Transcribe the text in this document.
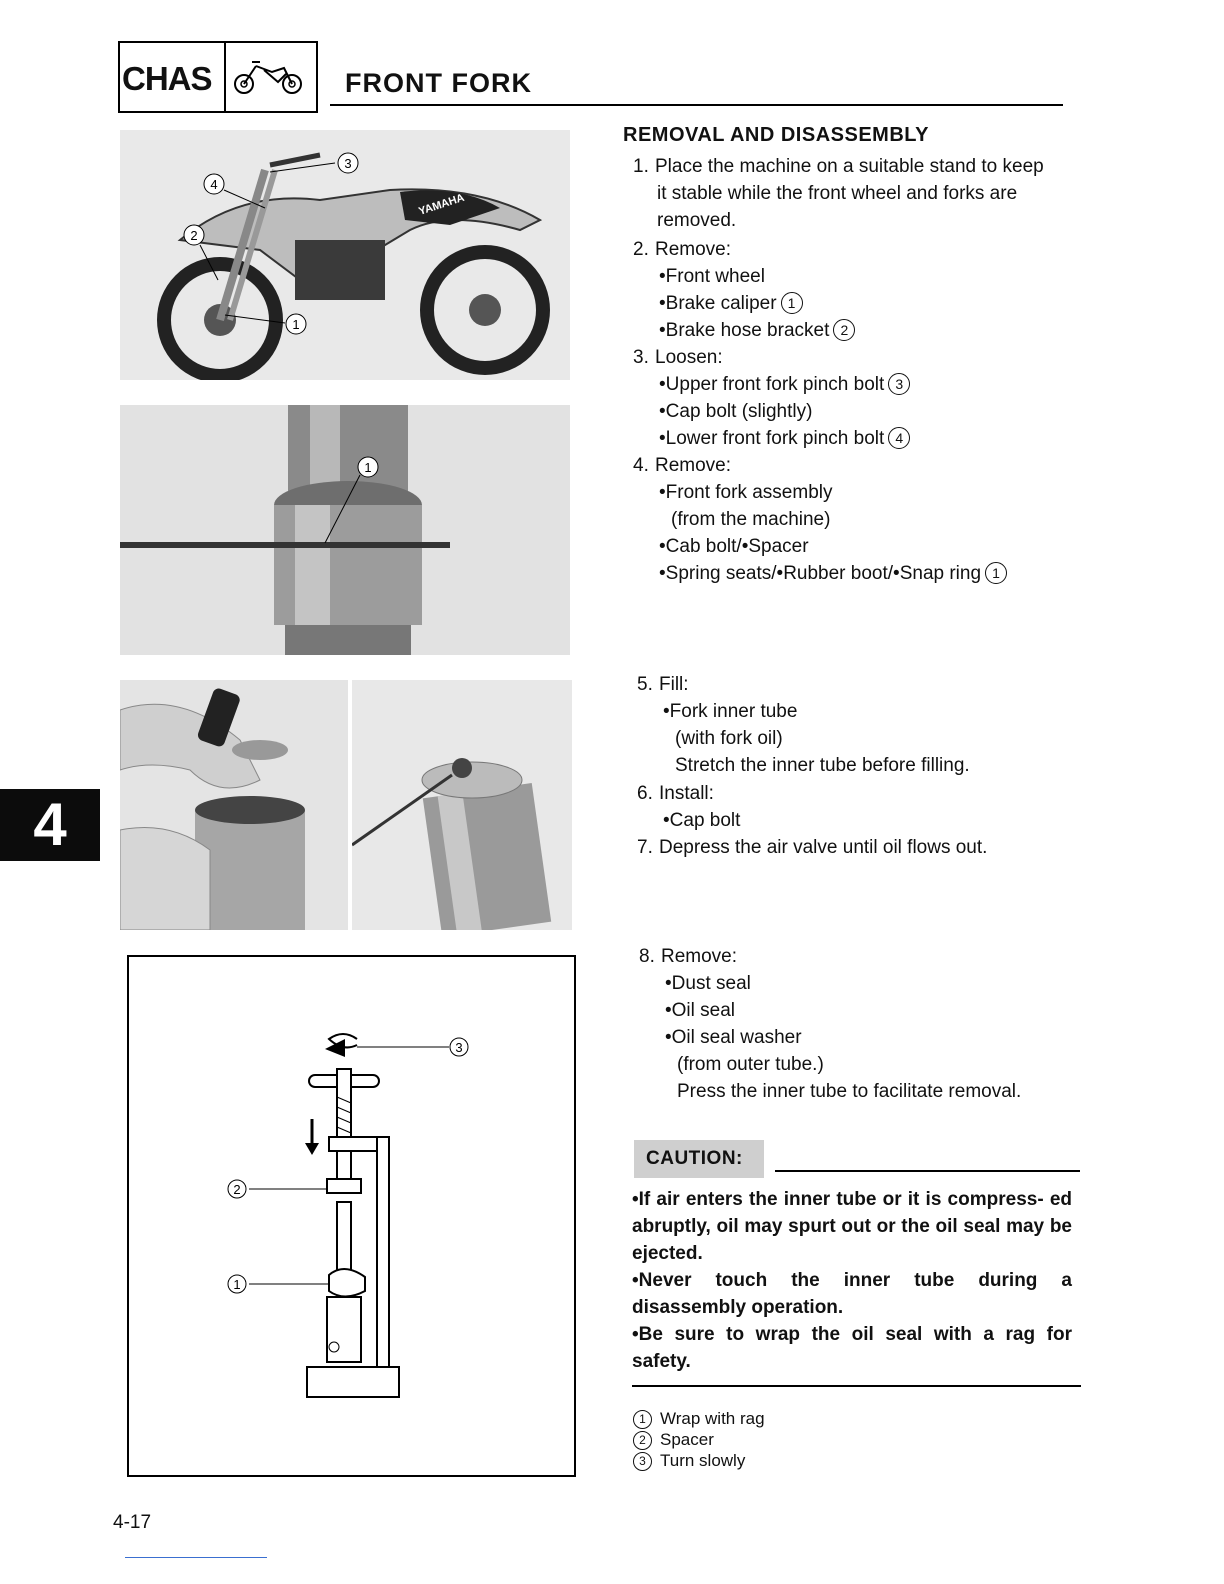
CHAS	FRONT FORK
4
YAMAHA
3
4
2
1
1
3
2
1
REMOVAL AND DISASSEMBLY
1. Place the machine on a suitable stand to keep
it stable while the front wheel and forks are
removed.
2. Remove:
•Front wheel
•Brake caliper 1
•Brake hose bracket 2
3. Loosen:
•Upper front fork pinch bolt 3
•Cap bolt (slightly)
•Lower front fork pinch bolt 4
4. Remove:
•Front fork assembly
(from the machine)
•Cab bolt/•Spacer
•Spring seats/•Rubber boot/•Snap ring 1
5. Fill:
•Fork inner tube
(with fork oil)
Stretch the inner tube before filling.
6. Install:
•Cap bolt
7. Depress the air valve until oil flows out.
8. Remove:
•Dust seal
•Oil seal
•Oil seal washer
(from outer tube.)
Press the inner tube to facilitate removal.
CAUTION:
•If air enters the inner tube or it is compress- ed abruptly, oil may spurt out or the oil seal may be ejected.
•Never touch the inner tube during a disassembly operation.
•Be sure to wrap the oil seal with a rag for safety.
1 Wrap with rag
2 Spacer
3 Turn slowly
4-17
